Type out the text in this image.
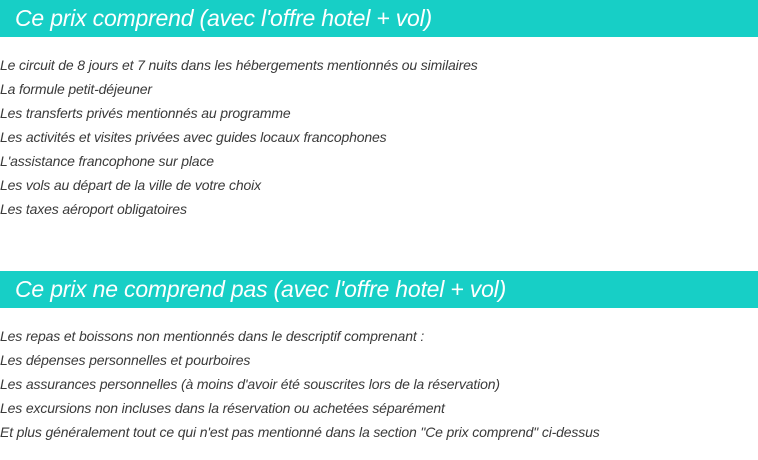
Ce prix comprend (avec l'offre hotel + vol)
Le circuit de 8 jours et 7 nuits dans les hébergements mentionnés ou similaires
La formule petit-déjeuner
Les transferts privés mentionnés au programme
Les activités et visites privées avec guides locaux francophones
L'assistance francophone sur place
Les vols au départ de la ville de votre choix
Les taxes aéroport obligatoires
Ce prix ne comprend pas (avec l'offre hotel + vol)
Les repas et boissons non mentionnés dans le descriptif comprenant :
Les dépenses personnelles et pourboires
Les assurances personnelles (à moins d'avoir été souscrites lors de la réservation)
Les excursions non incluses dans la réservation ou achetées séparément
Et plus généralement tout ce qui n'est pas mentionné dans la section "Ce prix comprend" ci-dessus
